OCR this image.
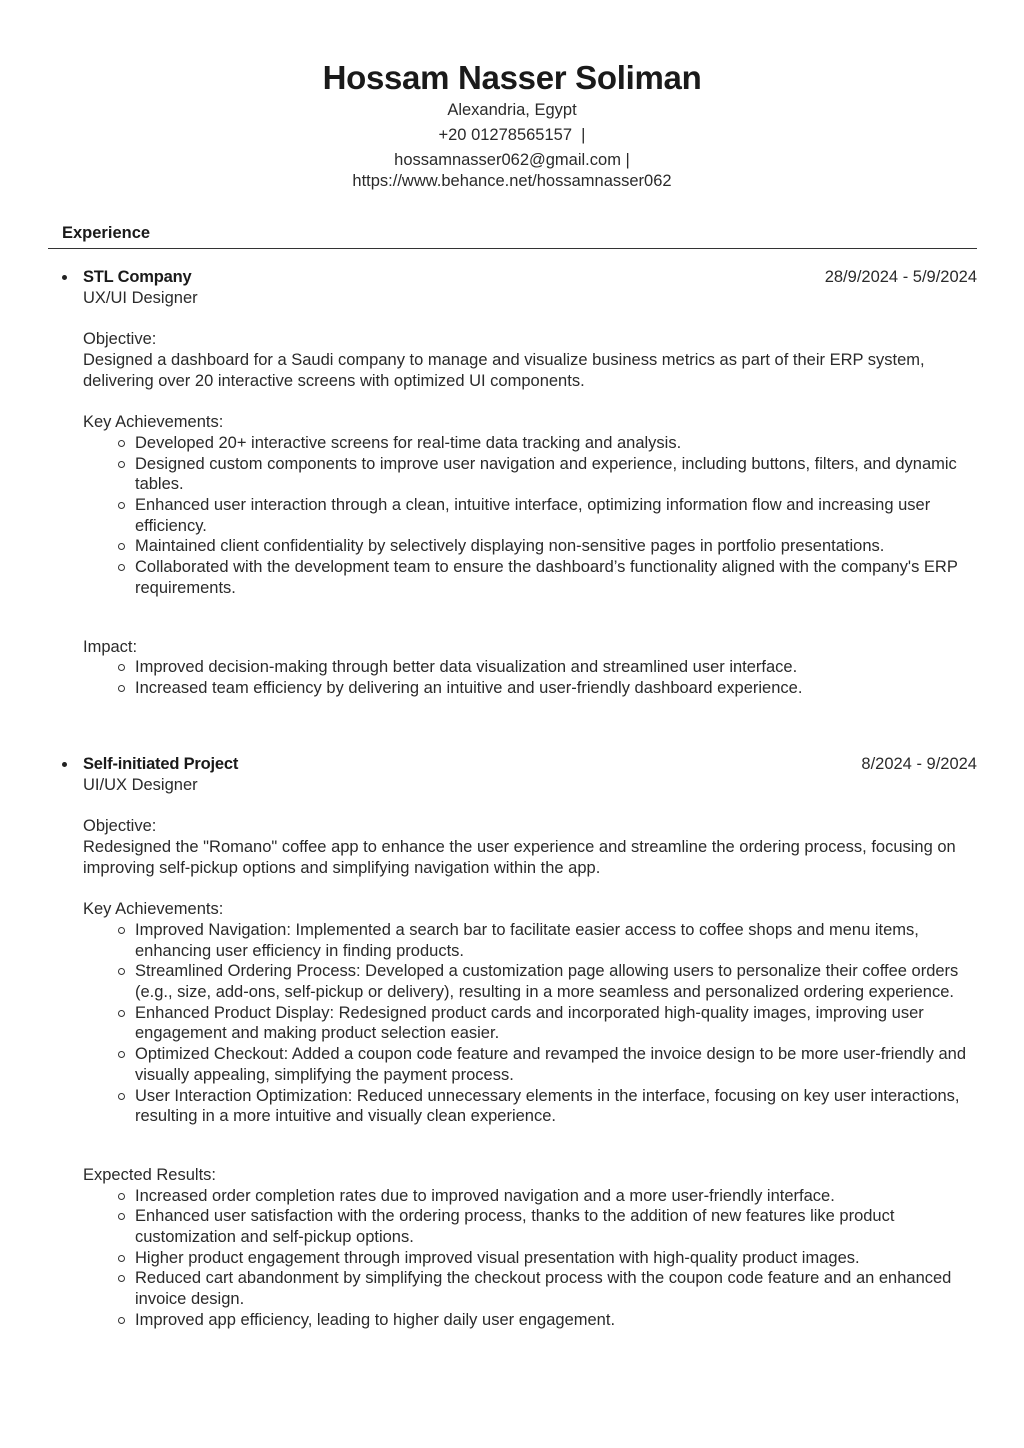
Hossam Nasser Soliman
Alexandria, Egypt
+20 01278565157  |
hossamnasser062@gmail.com |
https://www.behance.net/hossamnasser062
Experience
STL Company	28/9/2024 - 5/9/2024

UX/UI Designer

Objective:

Designed a dashboard for a Saudi company to manage and visualize business metrics as part of their ERP system, delivering over 20 interactive screens with optimized UI components.

Key Achievements:

Developed 20+ interactive screens for real-time data tracking and analysis.
Designed custom components to improve user navigation and experience, including buttons, filters, and dynamic tables.
Enhanced user interaction through a clean, intuitive interface, optimizing information flow and increasing user efficiency.
Maintained client confidentiality by selectively displaying non-sensitive pages in portfolio presentations.
Collaborated with the development team to ensure the dashboard’s functionality aligned with the company's ERP requirements.

Impact:

Improved decision-making through better data visualization and streamlined user interface.
Increased team efficiency by delivering an intuitive and user-friendly dashboard experience.
Self-initiated Project	8/2024 - 9/2024

UI/UX Designer

Objective:

Redesigned the "Romano" coffee app to enhance the user experience and streamline the ordering process, focusing on improving self-pickup options and simplifying navigation within the app.

Key Achievements:

Improved Navigation: Implemented a search bar to facilitate easier access to coffee shops and menu items, enhancing user efficiency in finding products.
Streamlined Ordering Process: Developed a customization page allowing users to personalize their coffee orders (e.g., size, add-ons, self-pickup or delivery), resulting in a more seamless and personalized ordering experience.
Enhanced Product Display: Redesigned product cards and incorporated high-quality images, improving user engagement and making product selection easier.
Optimized Checkout: Added a coupon code feature and revamped the invoice design to be more user-friendly and visually appealing, simplifying the payment process.
User Interaction Optimization: Reduced unnecessary elements in the interface, focusing on key user interactions, resulting in a more intuitive and visually clean experience.

Expected Results:

Increased order completion rates due to improved navigation and a more user-friendly interface.
Enhanced user satisfaction with the ordering process, thanks to the addition of new features like product customization and self-pickup options.
Higher product engagement through improved visual presentation with high-quality product images.
Reduced cart abandonment by simplifying the checkout process with the coupon code feature and an enhanced invoice design.
Improved app efficiency, leading to higher daily user engagement.
